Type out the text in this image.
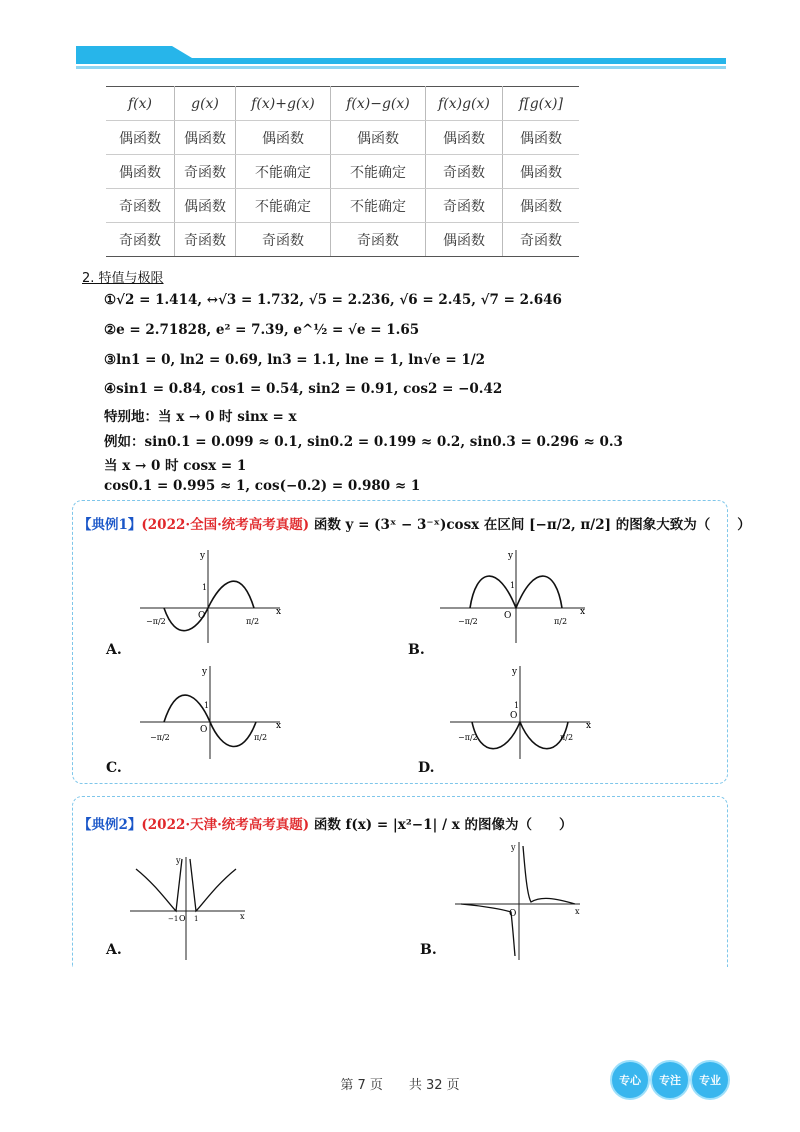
f(x)	g(x)	f(x)+g(x)	f(x)−g(x)	f(x)g(x)	f[g(x)]
偶函数	偶函数	偶函数	偶函数	偶函数	偶函数
偶函数	奇函数	不能确定	不能确定	奇函数	偶函数
奇函数	偶函数	不能确定	不能确定	奇函数	偶函数
奇函数	奇函数	奇函数	奇函数	偶函数	奇函数
2. 特值与极限
①√2 = 1.414, ↔√3 = 1.732, √5 = 2.236, √6 = 2.45, √7 = 2.646
②e = 2.71828, e² = 7.39, e^½ = √e = 1.65
③ln1 = 0, ln2 = 0.69, ln3 = 1.1, lne = 1, ln√e = 1/2
④sin1 = 0.84, cos1 = 0.54, sin2 = 0.91, cos2 = −0.42
特别地：当 x → 0 时 sinx = x
例如：sin0.1 = 0.099 ≈ 0.1, sin0.2 = 0.199 ≈ 0.2, sin0.3 = 0.296 ≈ 0.3
当 x → 0 时 cosx = 1
cos0.1 = 0.995 ≈ 1, cos(−0.2) = 0.980 ≈ 1
【典例1】(2022·全国·统考高考真题) 函数 y = (3ˣ − 3⁻ˣ)cosx 在区间 [−π/2, π/2] 的图象大致为（　　）
y
x
O
1
−π/2	π/2
A.
y
x
O
1
−π/2	π/2
B.
y
x
O
1
−π/2	π/2
C.
y
x
O
1
−π/2	π/2
D.
【典例2】(2022·天津·统考高考真题) 函数 f(x) = |x²−1| / x 的图像为（　　）
y
x
O
−1 1
A.
y
x
O
B.
第 7 页　　共 32 页	专心	专注	专业
